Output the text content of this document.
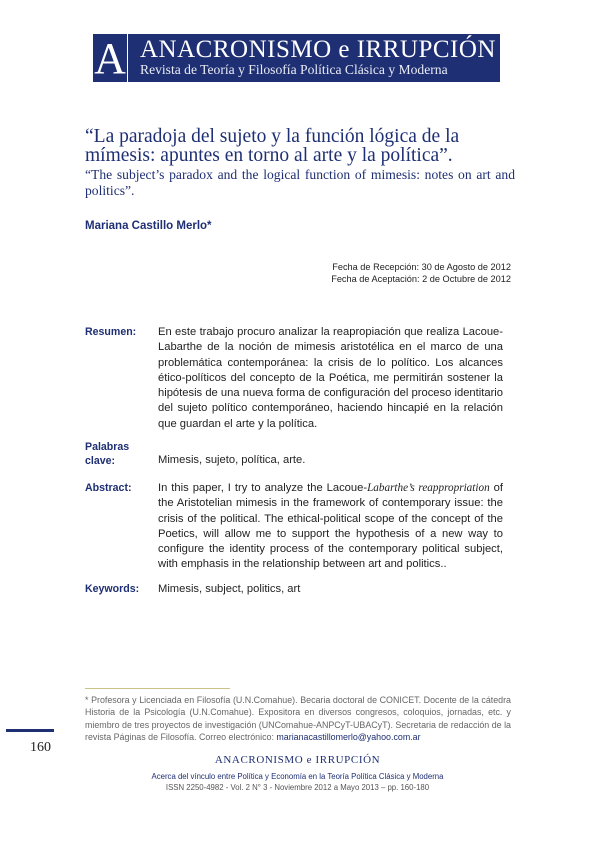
A ANACRONISMO e IRRUPCIÓN
Revista de Teoría y Filosofía Política Clásica y Moderna
“La paradoja del sujeto y la función lógica de la mímesis: apuntes en torno al arte y la política”.
“The subject’s paradox and the logical function of mimesis: notes on art and politics”.
Mariana Castillo Merlo*
Fecha de Recepción: 30 de Agosto de 2012
Fecha de Aceptación: 2 de Octubre de 2012
Resumen: En este trabajo procuro analizar la reapropiación que realiza Lacoue-Labarthe de la noción de mimesis aristotélica en el marco de una problemática contemporánea: la crisis de lo político. Los alcances ético-políticos del concepto de la Poética, me permitirán sostener la hipótesis de una nueva forma de configuración del proceso identitario del sujeto político contemporáneo, haciendo hincapié en la relación que guardan el arte y la política.
Palabras clave:	Mimesis, sujeto, política, arte.
Abstract: In this paper, I try to analyze the Lacoue-Labarthe’s reappropriation of the Aristotelian mimesis in the framework of contemporary issue: the crisis of the political. The ethical-political scope of the concept of the Poetics, will allow me to support the hypothesis of a new way to configure the identity process of the contemporary political subject, with emphasis in the relationship between art and politics..
Keywords: Mimesis, subject, politics, art
* Profesora y Licenciada en Filosofía (U.N.Comahue). Becaria doctoral de CONICET. Docente de la cátedra Historia de la Psicología (U.N.Comahue). Expositora en diversos congresos, coloquios, jornadas, etc. y miembro de tres proyectos de investigación (UNComahue-ANPCyT-UBACyT). Secretaria de redacción de la revista Páginas de Filosofía. Correo electrónico: marianacastillomerlo@yahoo.com.ar
160
ANACRONISMO e IRRUPCIÓN
Acerca del vínculo entre Política y Economía en la Teoría Política Clásica y Moderna
ISSN 2250-4982 - Vol. 2 N° 3 - Noviembre 2012 a Mayo 2013 – pp. 160-180
